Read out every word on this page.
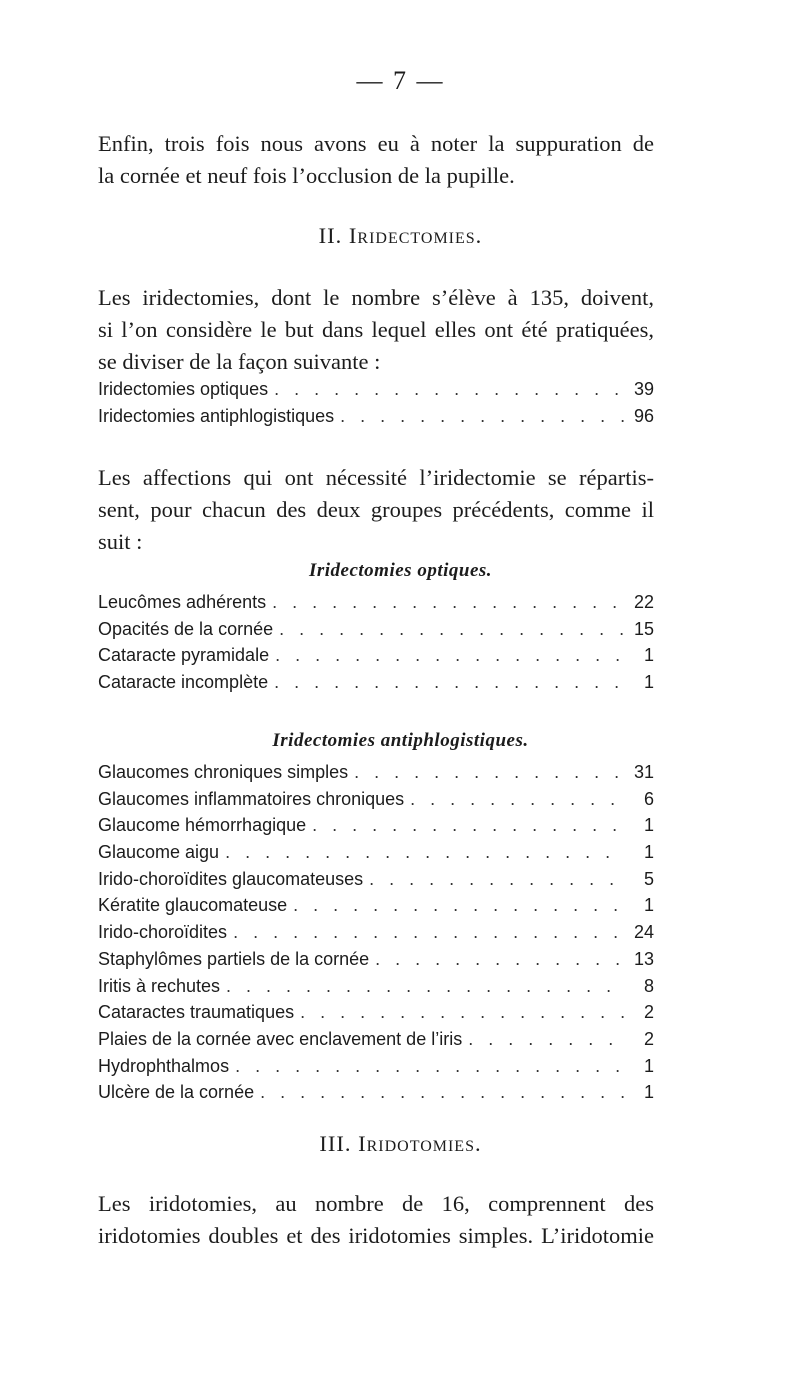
— 7 —
Enfin, trois fois nous avons eu à noter la suppuration de
la cornée et neuf fois l’occlusion de la pupille.
II. Iridectomies.
Les iridectomies, dont le nombre s’élève à 135, doivent,
si l’on considère le but dans lequel elles ont été pratiquées,
se diviser de la façon suivante :
Iridectomies optiques . . .	39
Iridectomies antiphlogistiques . . .	96
Les affections qui ont nécessité l’iridectomie se répartis-
sent, pour chacun des deux groupes précédents, comme il
suit :
Iridectomies optiques.
Leucômes adhérents . . .	22
Opacités de la cornée . . .	15
Cataracte pyramidale . . .	1
Cataracte incomplète . . .	1
Iridectomies antiphlogistiques.
Glaucomes chroniques simples . . .	31
Glaucomes inflammatoires chroniques . . .	6
Glaucome hémorrhagique . . .	1
Glaucome aigu . . .	1
Irido-choroïdites glaucomateuses . . .	5
Kératite glaucomateuse . . .	1
Irido-choroïdites . . .	24
Staphylômes partiels de la cornée . . .	13
Iritis à rechutes . . .	8
Cataractes traumatiques . . .	2
Plaies de la cornée avec enclavement de l’iris . . .	2
Hydrophthalmos . . .	1
Ulcère de la cornée . . .	1
III. Iridotomies.
Les iridotomies, au nombre de 16, comprennent des
iridotomies doubles et des iridotomies simples. L’iridotomie
